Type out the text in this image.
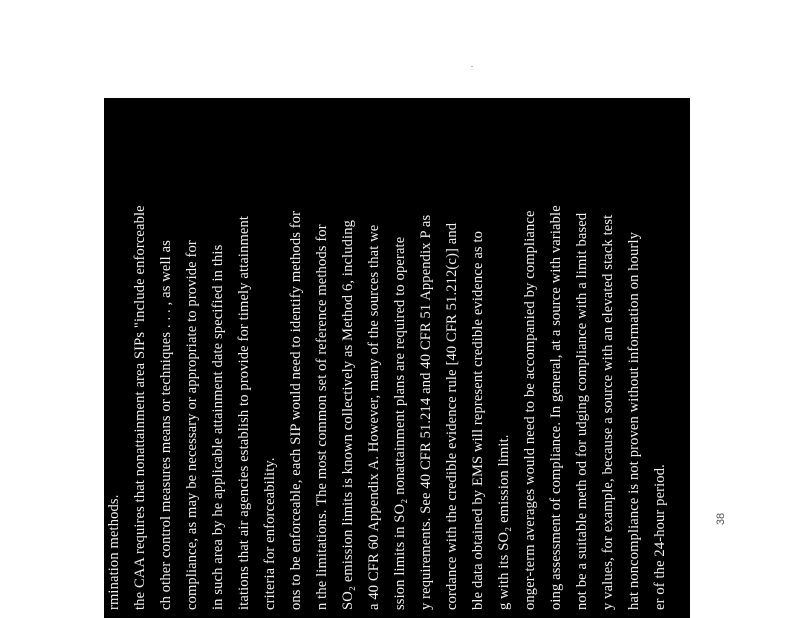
rmination methods. the CAA requires that nonattainment area SIPs "include enforceable ch other control measures means or techniques . . . , as well as compliance, as may be necessary or appropriate to provide for in such area by he applicable attainment date specified in this itations that air agencies establish to provide for timely attainment criteria for enforceability. ons to be enforceable, each SIP would need to identify methods for n the limitations. The most common set of reference methods for SO₂ emission limits is known collectively as Method 6, including a 40 CFR 60 Appendix A. However, many of the sources that we ssion limits in SO₂ nonattainment plans are required to operate y requirements. See 40 CFR 51.214 and 40 CFR 51 Appendix P as cordance with the credible evidence rule [40 CFR 51.212(c)] and ble data obtained by EMS will represent credible evidence as to g with its SO₂ emission limit. onger-term averages would need to be accompanied by compliance oing assessment of compliance. In general, at a source with variable not be a suitable meth od for udging compliance with a limit based y values, for example, because a source with an elevated stack test hat noncompliance is not proven without information on hourly er of the 24-hour period.	38
